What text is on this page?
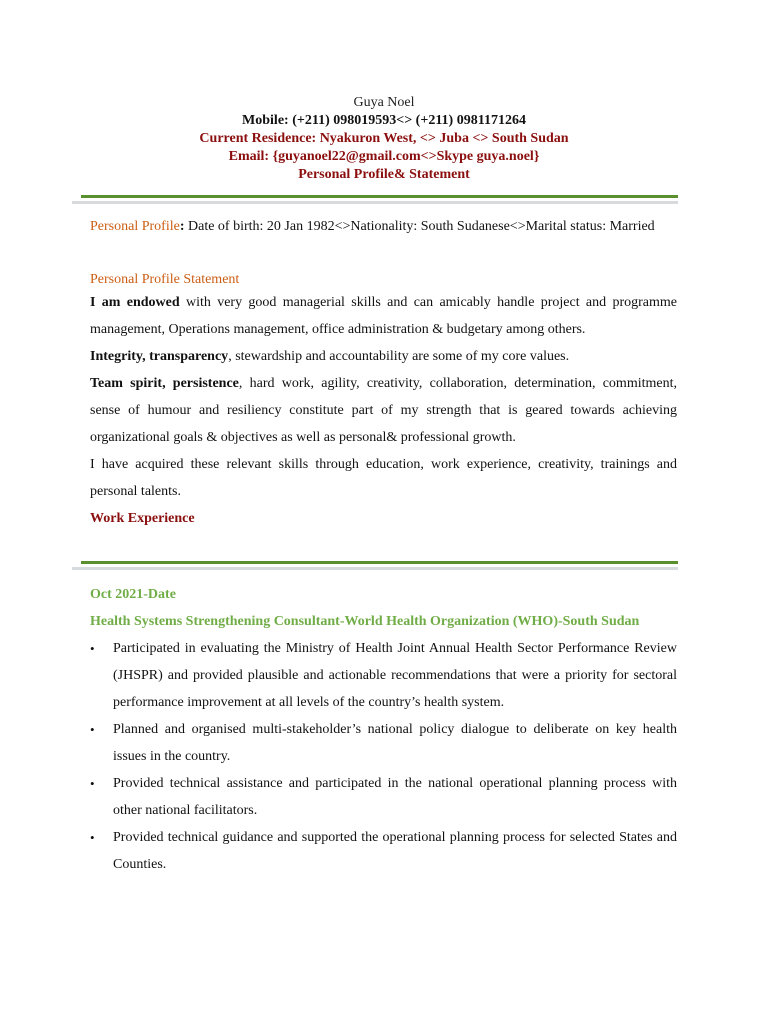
Guya Noel
Mobile: (+211) 098019593<> (+211) 0981171264
Current Residence: Nyakuron West, <> Juba <> South Sudan
Email: {guyanoel22@gmail.com<>Skype guya.noel}
Personal Profile& Statement
Personal Profile: Date of birth: 20 Jan 1982<>Nationality: South Sudanese<>Marital status: Married
Personal Profile Statement

I am endowed with very good managerial skills and can amicably handle project and programme management, Operations management, office administration & budgetary among others.

Integrity, transparency, stewardship and accountability are some of my core values.

Team spirit, persistence, hard work, agility, creativity, collaboration, determination, commitment, sense of humour and resiliency constitute part of my strength that is geared towards achieving organizational goals & objectives as well as personal& professional growth.

I have acquired these relevant skills through education, work experience, creativity, trainings and personal talents.

Work Experience
Oct 2021-Date
Health Systems Strengthening Consultant-World Health Organization (WHO)-South Sudan
• Participated in evaluating the Ministry of Health Joint Annual Health Sector Performance Review (JHSPR) and provided plausible and actionable recommendations that were a priority for sectoral performance improvement at all levels of the country’s health system.
• Planned and organised multi-stakeholder’s national policy dialogue to deliberate on key health issues in the country.
• Provided technical assistance and participated in the national operational planning process with other national facilitators.
• Provided technical guidance and supported the operational planning process for selected States and Counties.
